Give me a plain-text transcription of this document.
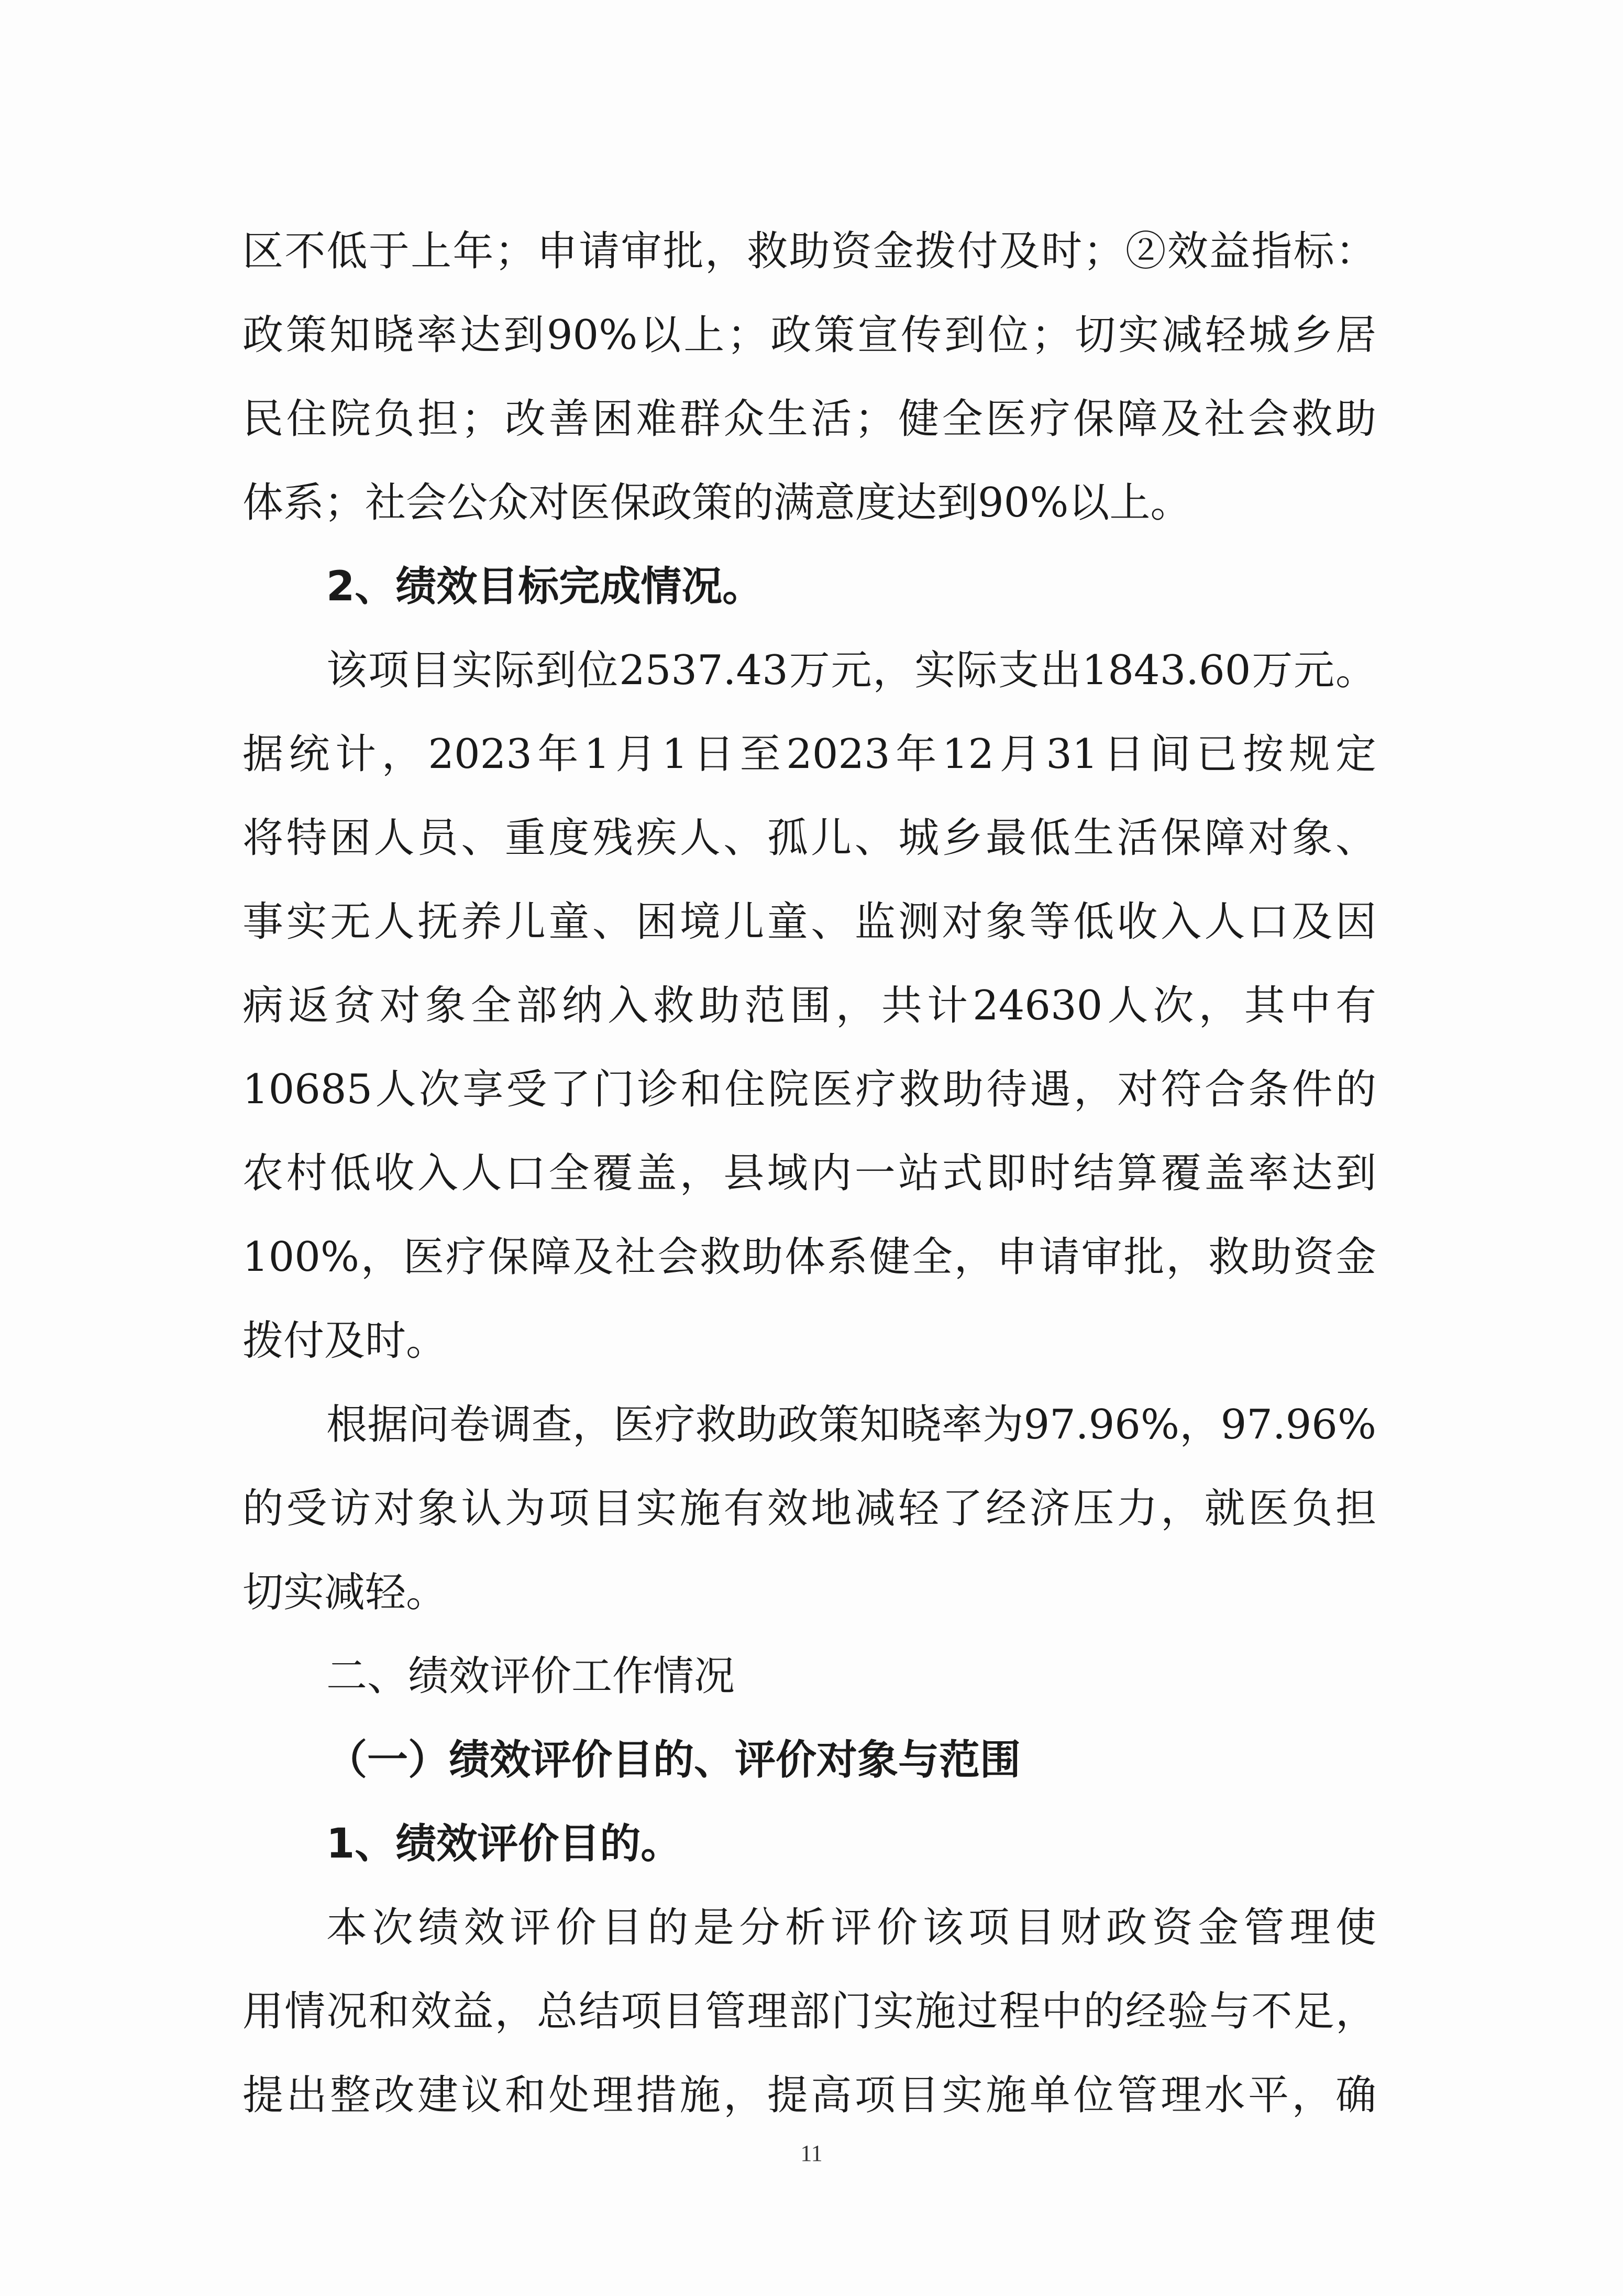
区不低于上年；申请审批，救助资金拨付及时；②效益指标：
政策知晓率达到90%以上；政策宣传到位；切实减轻城乡居
民住院负担；改善困难群众生活；健全医疗保障及社会救助
体系；社会公众对医保政策的满意度达到90%以上。
2、绩效目标完成情况。
该项目实际到位2537.43万元，实际支出1843.60万元。
据统计，2023年1月1日至2023年12月31日间已按规定
将特困人员、重度残疾人、孤儿、城乡最低生活保障对象、
事实无人抚养儿童、困境儿童、监测对象等低收入人口及因
病返贫对象全部纳入救助范围，共计24630人次，其中有
10685人次享受了门诊和住院医疗救助待遇，对符合条件的
农村低收入人口全覆盖，县域内一站式即时结算覆盖率达到
100%，医疗保障及社会救助体系健全，申请审批，救助资金
拨付及时。
根据问卷调查，医疗救助政策知晓率为97.96%，97.96%
的受访对象认为项目实施有效地减轻了经济压力，就医负担
切实减轻。
二、绩效评价工作情况
（一）绩效评价目的、评价对象与范围
1、绩效评价目的。
本次绩效评价目的是分析评价该项目财政资金管理使
用情况和效益，总结项目管理部门实施过程中的经验与不足，
提出整改建议和处理措施，提高项目实施单位管理水平，确
11
